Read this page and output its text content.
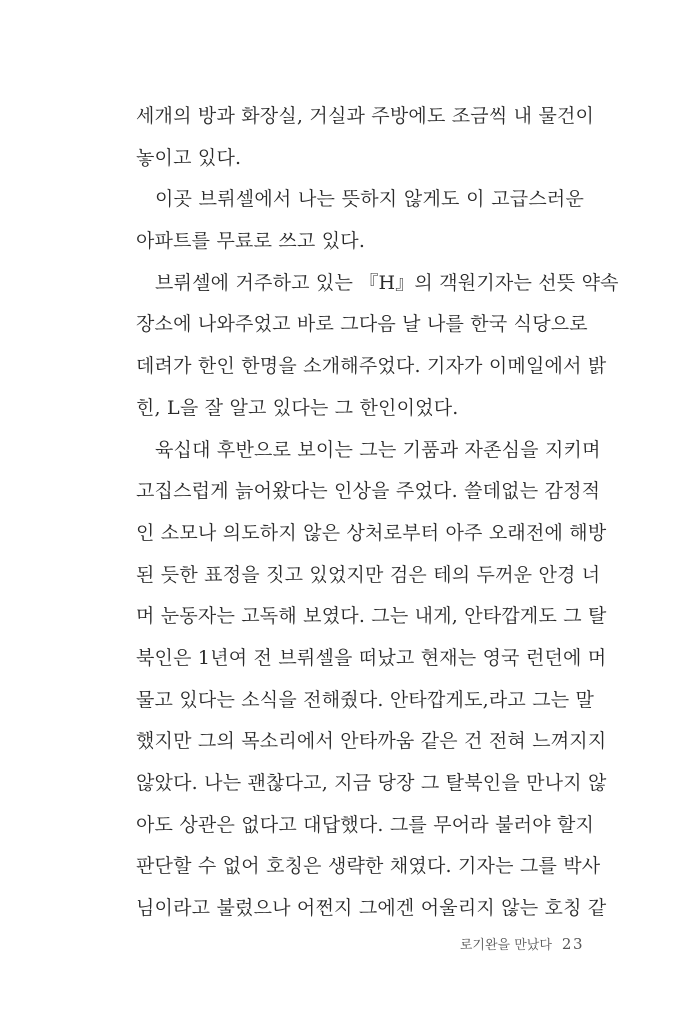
세개의 방과 화장실, 거실과 주방에도 조금씩 내 물건이
놓이고 있다.
이곳 브뤼셀에서 나는 뜻하지 않게도 이 고급스러운
아파트를 무료로 쓰고 있다.
브뤼셀에 거주하고 있는 『H』의 객원기자는 선뜻 약속
장소에 나와주었고 바로 그다음 날 나를 한국 식당으로
데려가 한인 한명을 소개해주었다. 기자가 이메일에서 밝
힌, L을 잘 알고 있다는 그 한인이었다.
육십대 후반으로 보이는 그는 기품과 자존심을 지키며
고집스럽게 늙어왔다는 인상을 주었다. 쓸데없는 감정적
인 소모나 의도하지 않은 상처로부터 아주 오래전에 해방
된 듯한 표정을 짓고 있었지만 검은 테의 두꺼운 안경 너
머 눈동자는 고독해 보였다. 그는 내게, 안타깝게도 그 탈
북인은 1년여 전 브뤼셀을 떠났고 현재는 영국 런던에 머
물고 있다는 소식을 전해줬다. 안타깝게도,라고 그는 말
했지만 그의 목소리에서 안타까움 같은 건 전혀 느껴지지
않았다. 나는 괜찮다고, 지금 당장 그 탈북인을 만나지 않
아도 상관은 없다고 대답했다. 그를 무어라 불러야 할지
판단할 수 없어 호칭은 생략한 채였다. 기자는 그를 박사
님이라고 불렀으나 어쩐지 그에겐 어울리지 않는 호칭 같
로기완을 만났다 23
